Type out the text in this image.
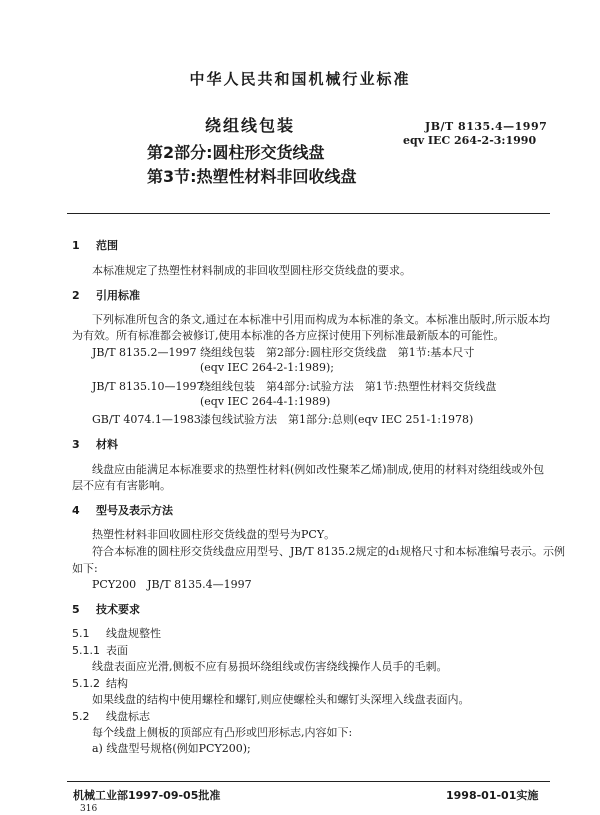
中华人民共和国机械行业标准
绕组线包装
第2部分:圆柱形交货线盘
第3节:热塑性材料非回收线盘
JB/T 8135.4—1997
eqv IEC 264-2-3:1990
1 范围
本标准规定了热塑性材料制成的非回收型圆柱形交货线盘的要求。
2 引用标准
下列标准所包含的条文,通过在本标准中引用而构成为本标准的条文。本标准出版时,所示版本均
为有效。所有标准都会被修订,使用本标准的各方应探讨使用下列标准最新版本的可能性。
JB/T 8135.2—1997 绕组线包装　第2部分:圆柱形交货线盘　第1节:基本尺寸
(eqv IEC 264-2-1:1989);
JB/T 8135.10—1997绕组线包装　第4部分:试验方法　第1节:热塑性材料交货线盘
(eqv IEC 264-4-1:1989)
GB/T 4074.1—1983漆包线试验方法　第1部分:总则(eqv IEC 251-1:1978)
3 材料
线盘应由能满足本标准要求的热塑性材料(例如改性聚苯乙烯)制成,使用的材料对绕组线或外包
层不应有有害影响。
4 型号及表示方法
热塑性材料非回收圆柱形交货线盘的型号为PCY。
符合本标准的圆柱形交货线盘应用型号、JB/T 8135.2规定的d₁规格尺寸和本标准编号表示。示例
如下:
PCY200　JB/T 8135.4—1997
5 技术要求
5.1 线盘规整性
5.1.1 表面
线盘表面应光滑,侧板不应有易损坏绕组线或伤害绕线操作人员手的毛刺。
5.1.2 结构
如果线盘的结构中使用螺栓和螺钉,则应使螺栓头和螺钉头深埋入线盘表面内。
5.2 线盘标志
每个线盘上侧板的顶部应有凸形或凹形标志,内容如下:
a) 线盘型号规格(例如PCY200);
机械工业部1997-09-05批准	1998-01-01实施
316
